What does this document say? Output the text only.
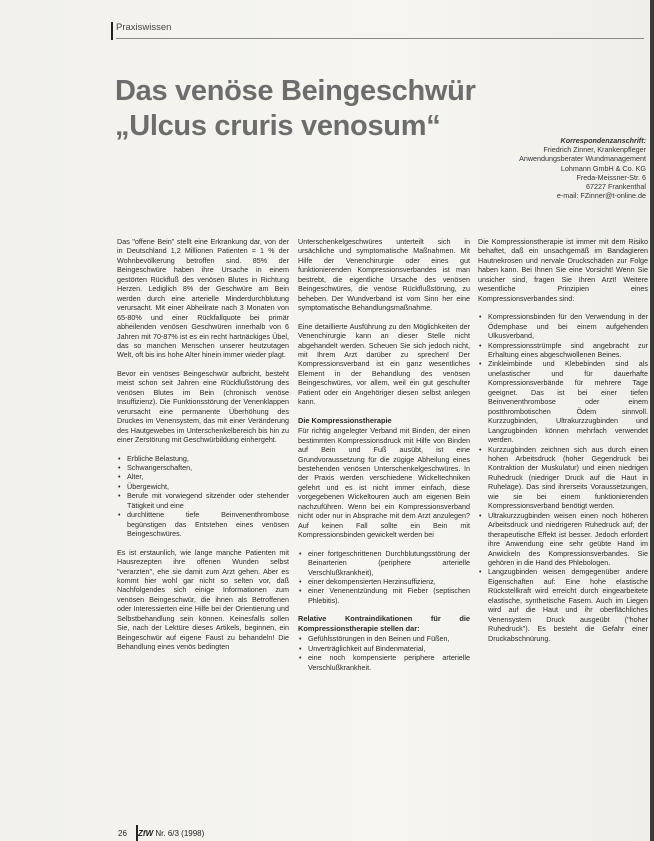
Praxiswissen
Das venöse Beingeschwür
„Ulcus cruris venosum“	Korrespondenzanschrift:
Friedrich Zinner, Krankenpfleger
Anwendungsberater Wundmanagement
Lohmann GmbH & Co. KG
Freda-Meissner-Str. 6
67227 Frankenthal
e-mail: FZinner@t-online.de

Das "offene Bein" stellt eine Erkrankung dar, von der in Deutschland 1,2 Millionen Patienten = 1 % der Wohnbevölkerung betroffen sind. 85% der Beingeschwüre haben ihre Ursache in einem gestörten Rückfluß des venösen Blutes in Richtung Herzen. Lediglich 8% der Geschwüre am Bein werden durch eine arterielle Minderdurchblutung verursacht. Mit einer Abheilrate nach 3 Monaten von 65-80% und einer Rückfallquote bei primär abheilenden venösen Geschwüren innerhalb von 6 Jahren mit 70-87% ist es ein recht hartnäckiges Übel, das so manchen Menschen unserer heutzutagen Welt, oft bis ins hohe Alter hinein immer wieder plagt.

Bevor ein venöses Beingeschwür aufbricht, besteht meist schon seit Jahren eine Rückflußstörung des venösen Blutes im Bein (chronisch venöse Insuffizienz). Die Funktionsstörung der Venenklappen verursacht eine permanente Überhöhung des Druckes im Venensystem, das mit einer Veränderung des Hautgewebes im Unterschenkelbereich bis hin zu einer Zerstörung mit Geschwürbildung einhergeht.

• Erbliche Belastung,
• Schwangerschaften,
• Alter,
• Übergewicht,
• Berufe mit vorwiegend sitzender oder stehender Tätigkeit und eine
• durchlittene tiefe Beinvenenthrombose begünstigen das Entstehen eines venösen Beingeschwüres.

Es ist erstaunlich, wie lange manche Patienten mit Hausrezepten ihre offenen Wunden selbst "verarzten", ehe sie damit zum Arzt gehen. Aber es kommt hier wohl gar nicht so selten vor, daß Nachfolgendes sich einige Informationen zum venösen Beingeschwür, die ihnen als Betroffenen oder Interessierten eine Hilfe bei der Orientierung und Selbstbehandlung sein können. Keinesfalls sollen Sie, nach der Lektüre dieses Artikels, beginnen, ein Beingeschwür auf eigene Faust zu behandeln! Die Behandlung eines venös bedingten

Unterschenkelgeschwüres unterteilt sich in ursächliche und symptomatische Maßnahmen. Mit Hilfe der Venenchirurgie oder eines gut funktionierenden Kompressionsverbandes ist man bestrebt, die eigentliche Ursache des venösen Beingeschwüres, die venöse Rückflußstörung, zu beheben. Der Wundverband ist vom Sinn her eine symptomatische Behandlungsmaßnahme.

Eine detaillierte Ausführung zu den Möglichkeiten der Venenchirurgie kann an dieser Stelle nicht abgehandelt werden. Scheuen Sie sich jedoch nicht, mit Ihrem Arzt darüber zu sprechen! Der Kompressionsverband ist ein ganz wesentliches Element in der Behandlung des venösen Beingeschwüres, vor allem, weil ein gut geschulter Patient oder ein Angehöriger diesen selbst anlegen kann.

Die Kompressionstherapie

Für richtig angelegter Verband mit Binden, der einen bestimmten Kompressionsdruck mit Hilfe von Binden auf Bein und Fuß ausübt, ist eine Grundvoraussetzung für die zügige Abheilung eines bestehenden venösen Unterschenkelgeschwüres. In der Praxis werden verschiedene Wickeltechniken gelehrt und es ist nicht immer einfach, diese vorgegebenen Wickeltouren auch am eigenen Bein nachzuführen. Wenn bei ein Kompressionsverband nicht oder nur in Absprache mit dem Arzt anzulegen? Auf keinen Fall sollte ein Bein mit Kompressionsbinden gewickelt werden bei

• einer fortgeschrittenen Durchblutungsstörung der Beinarterien (periphere arterielle Verschlußkrankheit),
• einer dekompensierten Herzinsuffizienz,
• einer Venenentzündung mit Fieber (septischen Phlebitis).
Relative Kontraindikationen für die Kompressionstherapie stellen dar:
• Gefühlsstörungen in den Beinen und Füßen,
• Unverträglichkeit auf Bindenmaterial,
• eine noch kompensierte periphere arterielle Verschlußkrankheit.

Die Kompressionstherapie ist immer mit dem Risiko behaftet, daß ein unsachgemäß im Bandagieren Hautnekrosen und nervale Druckschäden zur Folge haben kann. Bei Ihnen Sie eine Vorsicht! Wenn Sie unsicher sind, fragen Sie Ihren Arzt! Weitere wesentliche Prinzipien eines Kompressionsverbandes sind:

• Kompressionsbinden für den Verwendung in der Ödemphase und bei einem aufgehenden Ulkusverband,
• Kompressionsstrümpfe sind angebracht zur Erhaltung eines abgeschwollenen Beines.
• Zinkleimbinde und Klebebinden sind als unelastischer und für dauerhafte Kompressionsverbände für mehrere Tage geeignet. Das ist bei einer tiefen Beinvenenthrombose oder einem postthrombotischen Ödem sinnvoll. Kurzzugbinden, Ultrakurzzugbinden und Langzugbinden können mehrfach verwendet werden.
• Kurzzugbinden zeichnen sich aus durch einen hohen Arbeitsdruck (hoher Gegendruck bei Kontraktion der Muskulatur) und einen niedrigen Ruhedruck (niedriger Druck auf die Haut in Ruhelage). Das sind ihrerseits Voraussetzungen, wie sie bei einem funktionierenden Kompressionsverband benötigt werden.
• Ultrakurzzugbinden weisen einen noch höheren Arbeitsdruck und niedrigeren Ruhedruck auf; der therapeutische Effekt ist besser. Jedoch erfordert ihre Anwendung eine sehr geübte Hand im Anwickeln des Kompressionsverbandes. Sie gehören in die Hand des Phlebologen.
• Langzugbinden weisen demgegenüber andere Eigenschaften auf: Eine hohe elastische Rückstellkraft wird erreicht durch eingearbeitete elastische, synthetische Fasern. Auch im Liegen wird auf die Haut und ihr oberflächliches Venensystem Druck ausgeübt ("hoher Ruhedruck"). Es besteht die Gefahr einer Druckabschnürung.
26 ZfW Nr. 6/3 (1998)
